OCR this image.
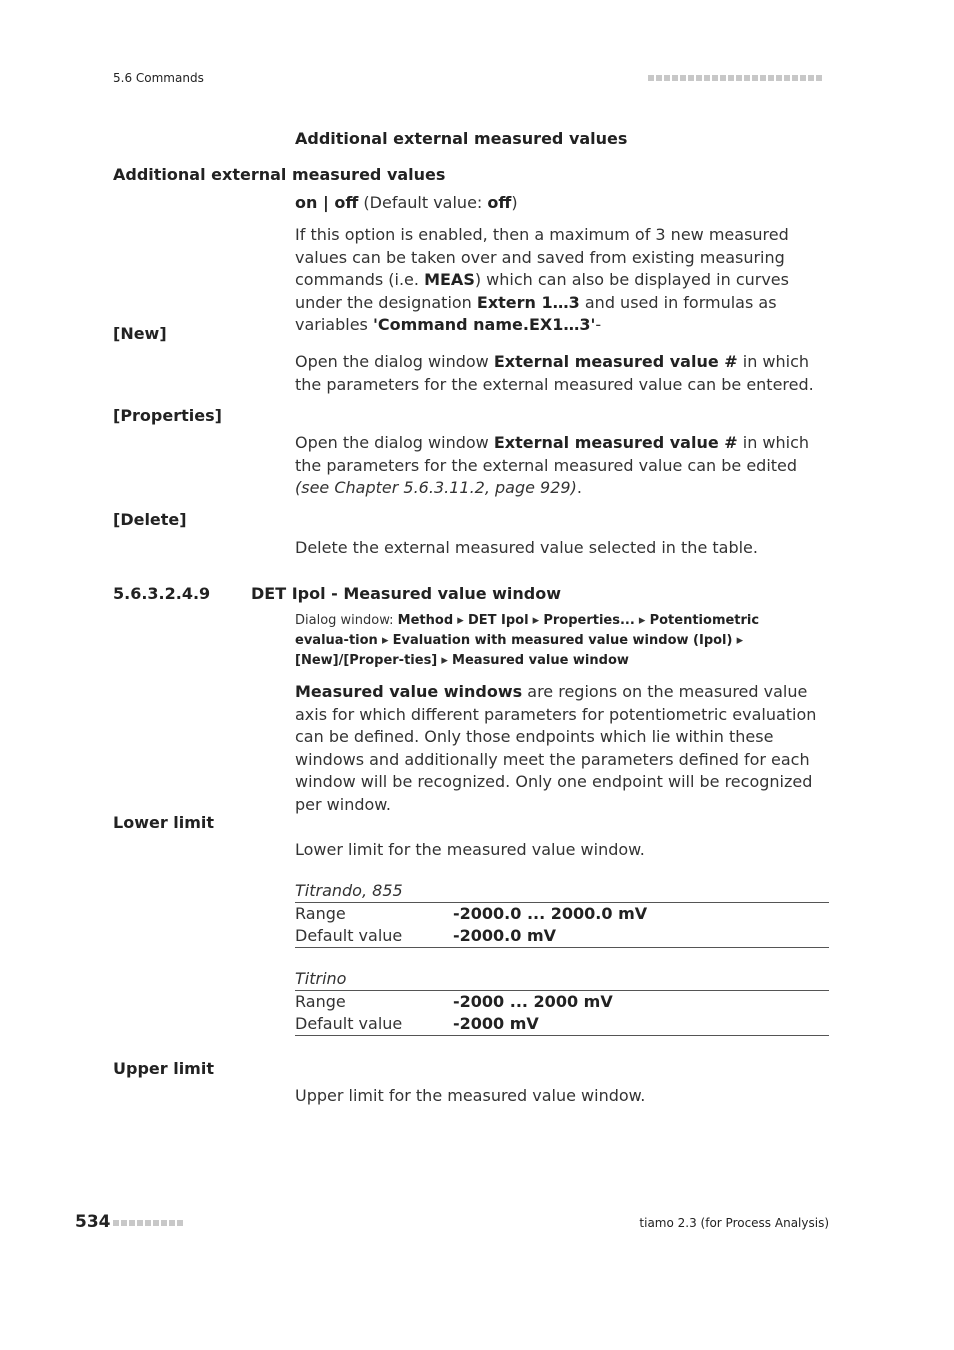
5.6 Commands
Additional external measured values
Additional external measured values
on | off (Default value: off)
If this option is enabled, then a maximum of 3 new measured values can be taken over and saved from existing measuring commands (i.e. MEAS) which can also be displayed in curves under the designation Extern 1…3 and used in formulas as variables 'Command name.EX1…3'-
[New]
Open the dialog window External measured value # in which the parameters for the external measured value can be entered.
[Properties]
Open the dialog window External measured value # in which the parameters for the external measured value can be edited (see Chapter 5.6.3.11.2, page 929).
[Delete]
Delete the external measured value selected in the table.
5.6.3.2.4.9	DET Ipol - Measured value window
Dialog window: Method ▸ DET Ipol ▸ Properties... ▸ Potentiometric evalua-tion ▸ Evaluation with measured value window (Ipol) ▸ [New]/[Proper-ties] ▸ Measured value window
Measured value windows are regions on the measured value axis for which different parameters for potentiometric evaluation can be defined. Only those endpoints which lie within these windows and additionally meet the parameters defined for each window will be recognized. Only one endpoint will be recognized per window.
Lower limit
Lower limit for the measured value window.
Titrando, 855
Range	-2000.0 ... 2000.0 mV
Default value	-2000.0 mV
Titrino
Range	-2000 ... 2000 mV
Default value	-2000 mV
Upper limit
Upper limit for the measured value window.
534	tiamo 2.3 (for Process Analysis)
